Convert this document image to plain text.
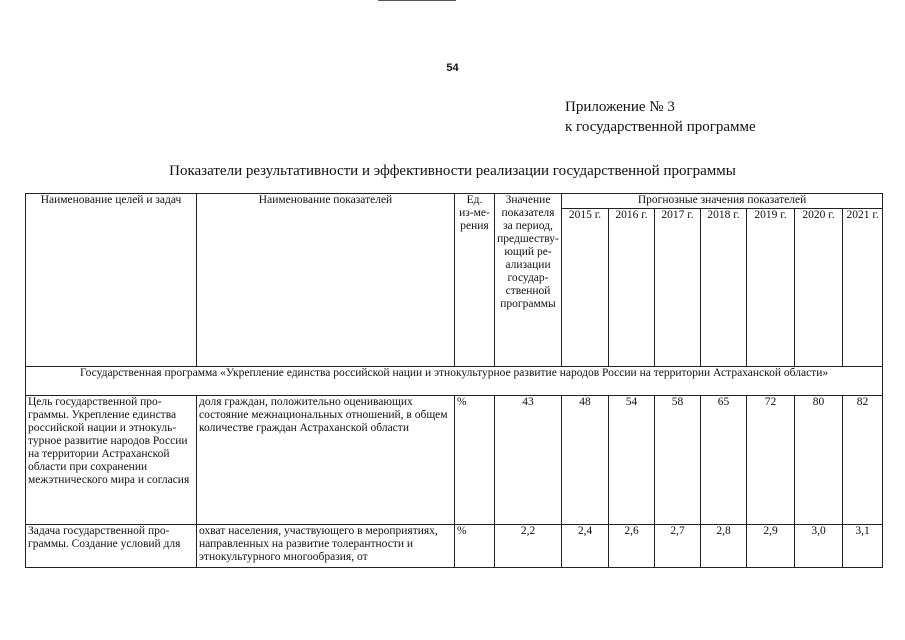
54
Приложение № 3
к государственной программе
Показатели результативности и эффективности реализации государственной программы
Наименование целей и задач	Наименование показателей	Ед. из-мерения	Значение показателя за период, предшествующий реализации государственной программы	Прогнозные значения показателей						
				2015 г.	2016 г.	2017 г.	2018 г.	2019 г.	2020 г.	2021 г.
Государственная программа «Укрепление единства российской нации и этнокультурное развитие народов России на территории Астраханской области»										
Цель государственной программы. Укрепление единства российской нации и этнокультурное развитие народов России на территории Астраханской области при сохранении межэтнического мира и согласия	доля граждан, положительно оценивающих состояние межнациональных отношений, в общем количестве граждан Астраханской области	%	43	48	54	58	65	72	80	82
Задача государственной программы. Создание условий для	охват населения, участвующего в мероприятиях, направленных на развитие толерантности и этнокультурного многообразия, от	%	2,2	2,4	2,6	2,7	2,8	2,9	3,0	3,1
